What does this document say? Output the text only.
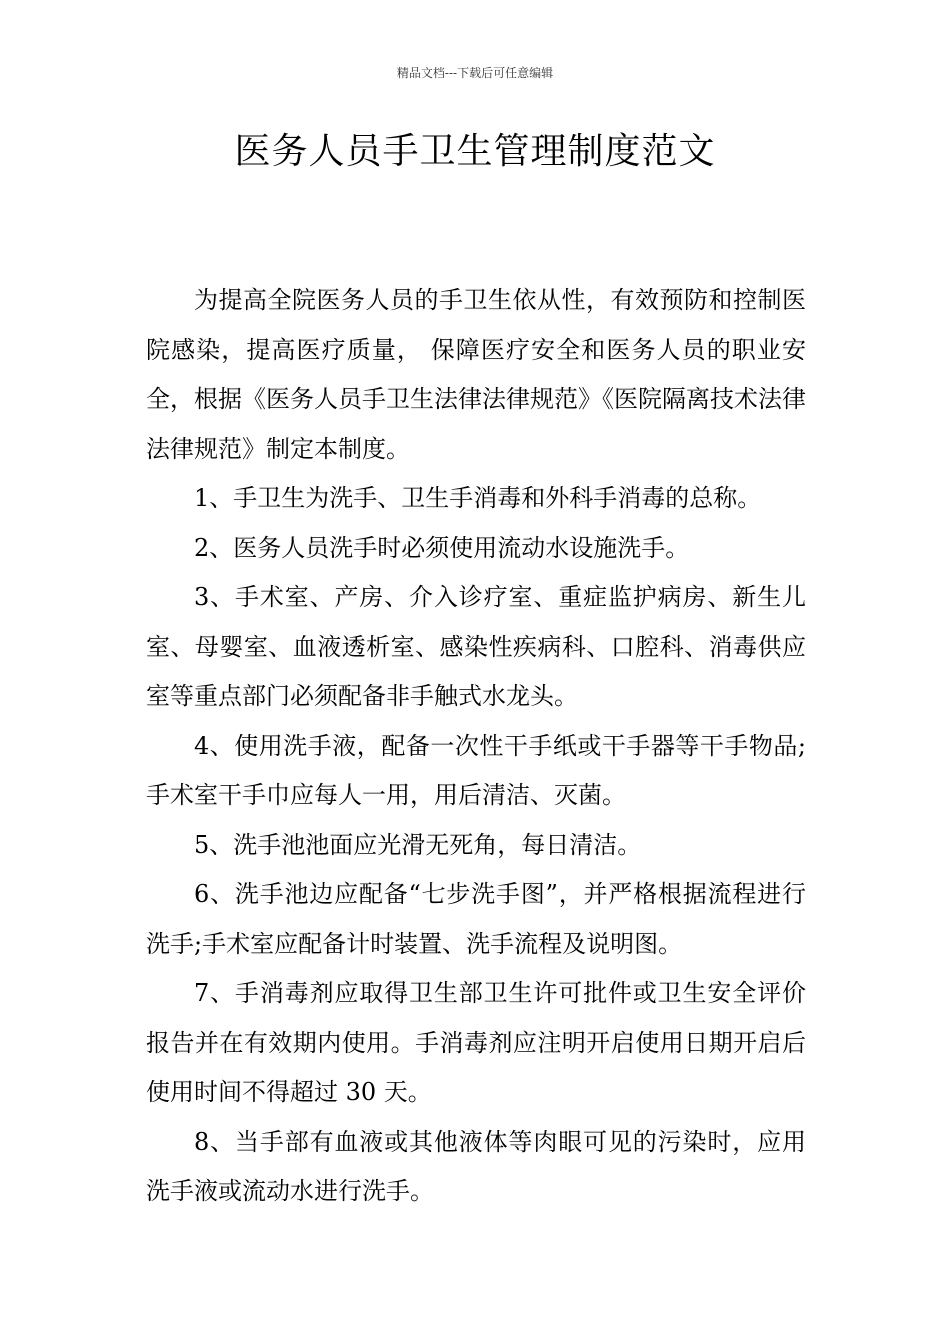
精品文档---下载后可任意编辑
医务人员手卫生管理制度范文

为提高全院医务人员的手卫生依从性，有效预防和控制医院感染，提高医疗质量， 保障医疗安全和医务人员的职业安全，根据《医务人员手卫生法律法律规范》《医院隔离技术法律法律规范》制定本制度。

1、手卫生为洗手、卫生手消毒和外科手消毒的总称。

2、医务人员洗手时必须使用流动水设施洗手。

3、手术室、产房、介入诊疗室、重症监护病房、新生儿室、母婴室、血液透析室、感染性疾病科、口腔科、消毒供应室等重点部门必须配备非手触式水龙头。

4、使用洗手液，配备一次性干手纸或干手器等干手物品;手术室干手巾应每人一用，用后清洁、灭菌。

5、洗手池池面应光滑无死角，每日清洁。

6、洗手池边应配备“七步洗手图”，并严格根据流程进行洗手;手术室应配备计时装置、洗手流程及说明图。

7、手消毒剂应取得卫生部卫生许可批件或卫生安全评价报告并在有效期内使用。手消毒剂应注明开启使用日期开启后使用时间不得超过 30 天。

8、当手部有血液或其他液体等肉眼可见的污染时，应用洗手液或流动水进行洗手。
